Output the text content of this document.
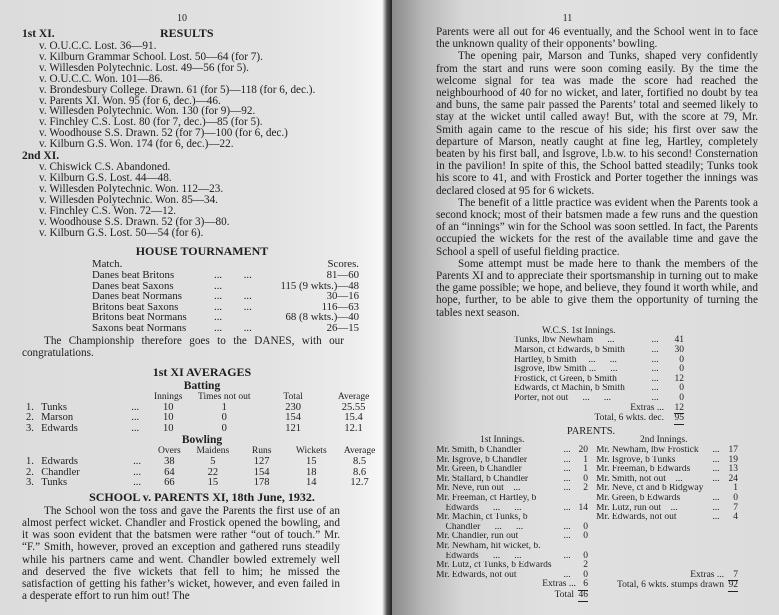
10
1st XI.	RESULTS
v. O.U.C.C. Lost. 36—91.
v. Kilburn Grammar School. Lost. 50—64 (for 7).
v. Willesden Polytechnic. Lost. 49—56 (for 5).
v. O.U.C.C. Won. 101—86.
v. Brondesbury College. Drawn. 61 (for 5)—118 (for 6, dec.).
v. Parents XI. Won. 95 (for 6, dec.)—46.
v. Willesden Polytechnic. Won. 130 (for 9)—92.
v. Finchley C.S. Lost. 80 (for 7, dec.)—85 (for 5).
v. Woodhouse S.S. Drawn. 52 (for 7)—100 (for 6, dec.)
v. Kilburn G.S. Won. 174 (for 6, dec.)—22.
2nd XI.
v. Chiswick C.S. Abandoned.
v. Kilburn G.S. Lost. 44—48.
v. Willesden Polytechnic. Won. 112—23.
v. Willesden Polytechnic. Won. 85—34.
v. Finchley C.S. Won. 72—12.
v. Woodhouse S.S. Drawn. 52 (for 3)—80.
v. Kilburn G.S. Lost. 50—54 (for 6).
HOUSE TOURNAMENT
Match.	Scores.
Danes beat Britons	...        ...	81—60
Danes beat Saxons	...	115 (9 wkts.)—48
Danes beat Normans	...        ...	30—16
Britons beat Saxons	...        ...	116—63
Britons beat Normans	...	68 (8 wkts.)—40
Saxons beat Normans	...        ...	26—15

The Championship therefore goes to the DANES, with our congratulations.

1st XI AVERAGES
Batting
			Innings	Times not out	Total	Average
1.	Tunks	...	10	1	230	25.55
2.	Marson	...	10	0	154	15.4
3.	Edwards	...	10	0	121	12.1
Bowling
			Overs	Maidens	Runs	Wickets	Average
1.	Edwards	...	38	5	127	15	8.5
2.	Chandler	...	64	22	154	18	8.6
3.	Tunks	...	66	15	178	14	12.7
SCHOOL v. PARENTS XI, 18th June, 1932.

The School won the toss and gave the Parents the first use of an almost perfect wicket. Chandler and Frostick opened the bowling, and it was soon evident that the batsmen were rather “out of touch.” Mr. “F.” Smith, however, proved an exception and gathered runs steadily while his partners came and went. Chandler bowled extremely well and deserved the five wickets that fell to him; he missed the satisfaction of getting his father’s wicket, however, and even failed in a desperate effort to run him out! The

11

Parents were all out for 46 eventually, and the School went in to face the unknown quality of their opponents’ bowling.

The opening pair, Marson and Tunks, shaped very confidently from the start and runs were soon coming easily. By the time the welcome signal for tea was made the score had reached the neighbourhood of 40 for no wicket, and later, fortified no doubt by tea and buns, the same pair passed the Parents’ total and seemed likely to stay at the wicket until called away! But, with the score at 79, Mr. Smith again came to the rescue of his side; his first over saw the departure of Marson, neatly caught at fine leg, Hartley, completely beaten by his first ball, and Isgrove, l.b.w. to his second! Consternation in the pavilion! In spite of this, the School batted steadily; Tunks took his score to 41, and with Frostick and Porter together the innings was declared closed at 95 for 6 wickets.

The benefit of a little practice was evident when the Parents took a second knock; most of their batsmen made a few runs and the question of an “innings” win for the School was soon settled. In fact, the Parents occupied the wickets for the rest of the available time and gave the School a spell of useful fielding practice.

Some attempt must be made here to thank the members of the Parents XI and to appreciate their sportsmanship in turning out to make the game possible; we hope, and believe, they found it worth while, and hope, further, to be able to give them the opportunity of turning the tables next season.

W.C.S. 1st Innings.
Tunks, lbw Newham      ...	...	41
Marson, ct Edwards, b Smith	...	30
Hartley, b Smith     ...      ...	...	0
Isgrove, lbw Smith ...      ...	...	0
Frostick, ct Green, b Smith	...	12
Edwards, ct Machin, b Smith	...	0
Porter, not out      ...      ...	...	0
Extras ...	12
Total, 6 wkts. dec.	95
PARENTS.
1st Innings.
Mr. Smith, b Chandler	... 20
Mr. Isgrove, b Chandler	...	1
Mr. Green, b Chandler	...	1
Mr. Stallard, b Chandler	...	0
Mr. Neve, run out    ...	...	2
Mr. Freeman, ct Hartley, b
Edwards      ...      ...	... 14
Mr. Machin, ct Tunks, b
Chandler      ...      ...	...	0
Mr. Chandler, run out	...	0
Mr. Newham, hit wicket, b.
Edwards      ...      ...	...	0
Mr. Lutz, ct Tunks, b Edwards	2
Mr. Edwards, not out	...	0
Extras ... 6
Total 46
2nd Innings.
Mr. Newham, lbw Frostick	... 17
Mr. Isgrove, b Tunks	... 19
Mr. Freeman, b Edwards	... 13
Mr. Smith, not out    ...	... 24
Mr. Neve, ct and b Ridgway	1
Mr. Green, b Edwards	...	0
Mr. Lutz, run out    ...	...	7
Mr. Edwards, not out	...	4
Extras ... 7
Total, 6 wkts. stumps drawn 92
